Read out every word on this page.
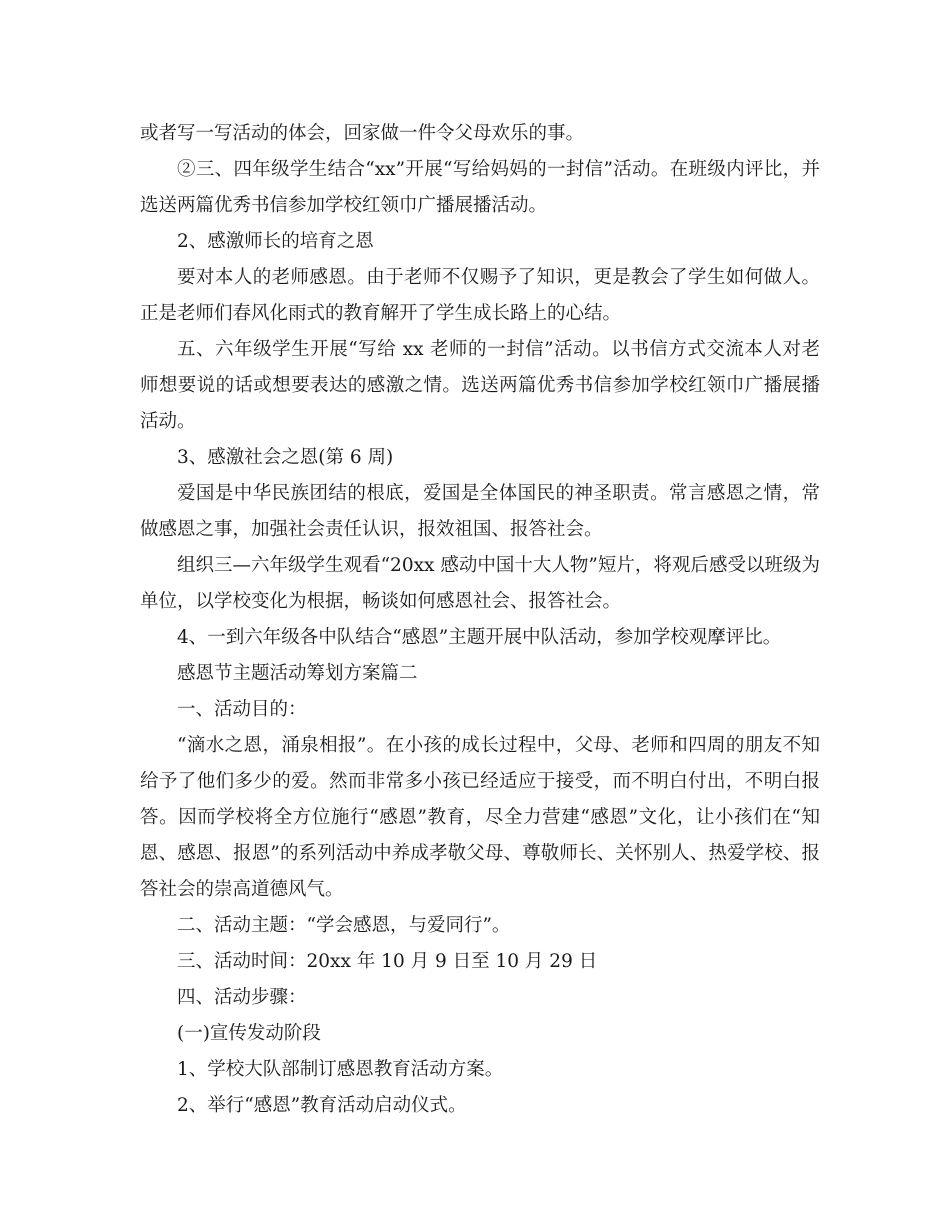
或者写一写活动的体会，回家做一件令父母欢乐的事。

②三、四年级学生结合“xx”开展“写给妈妈的一封信”活动。在班级内评比，并选送两篇优秀书信参加学校红领巾广播展播活动。

2、感激师长的培育之恩

要对本人的老师感恩。由于老师不仅赐予了知识，更是教会了学生如何做人。正是老师们春风化雨式的教育解开了学生成长路上的心结。

五、六年级学生开展“写给 xx 老师的一封信”活动。以书信方式交流本人对老师想要说的话或想要表达的感激之情。选送两篇优秀书信参加学校红领巾广播展播活动。

3、感激社会之恩(第 6 周)

爱国是中华民族团结的根底，爱国是全体国民的神圣职责。常言感恩之情，常做感恩之事，加强社会责任认识，报效祖国、报答社会。

组织三—六年级学生观看“20xx 感动中国十大人物”短片，将观后感受以班级为单位，以学校变化为根据，畅谈如何感恩社会、报答社会。

4、一到六年级各中队结合“感恩”主题开展中队活动，参加学校观摩评比。

感恩节主题活动筹划方案篇二

一、活动目的：

“滴水之恩，涌泉相报”。在小孩的成长过程中，父母、老师和四周的朋友不知给予了他们多少的爱。然而非常多小孩已经适应于接受，而不明白付出，不明白报答。因而学校将全方位施行“感恩”教育，尽全力营建“感恩”文化，让小孩们在“知恩、感恩、报恩”的系列活动中养成孝敬父母、尊敬师长、关怀别人、热爱学校、报答社会的崇高道德风气。

二、活动主题：“学会感恩，与爱同行”。

三、活动时间：20xx 年 10 月 9 日至 10 月 29 日

四、活动步骤：

(一)宣传发动阶段

1、学校大队部制订感恩教育活动方案。

2、举行“感恩”教育活动启动仪式。
